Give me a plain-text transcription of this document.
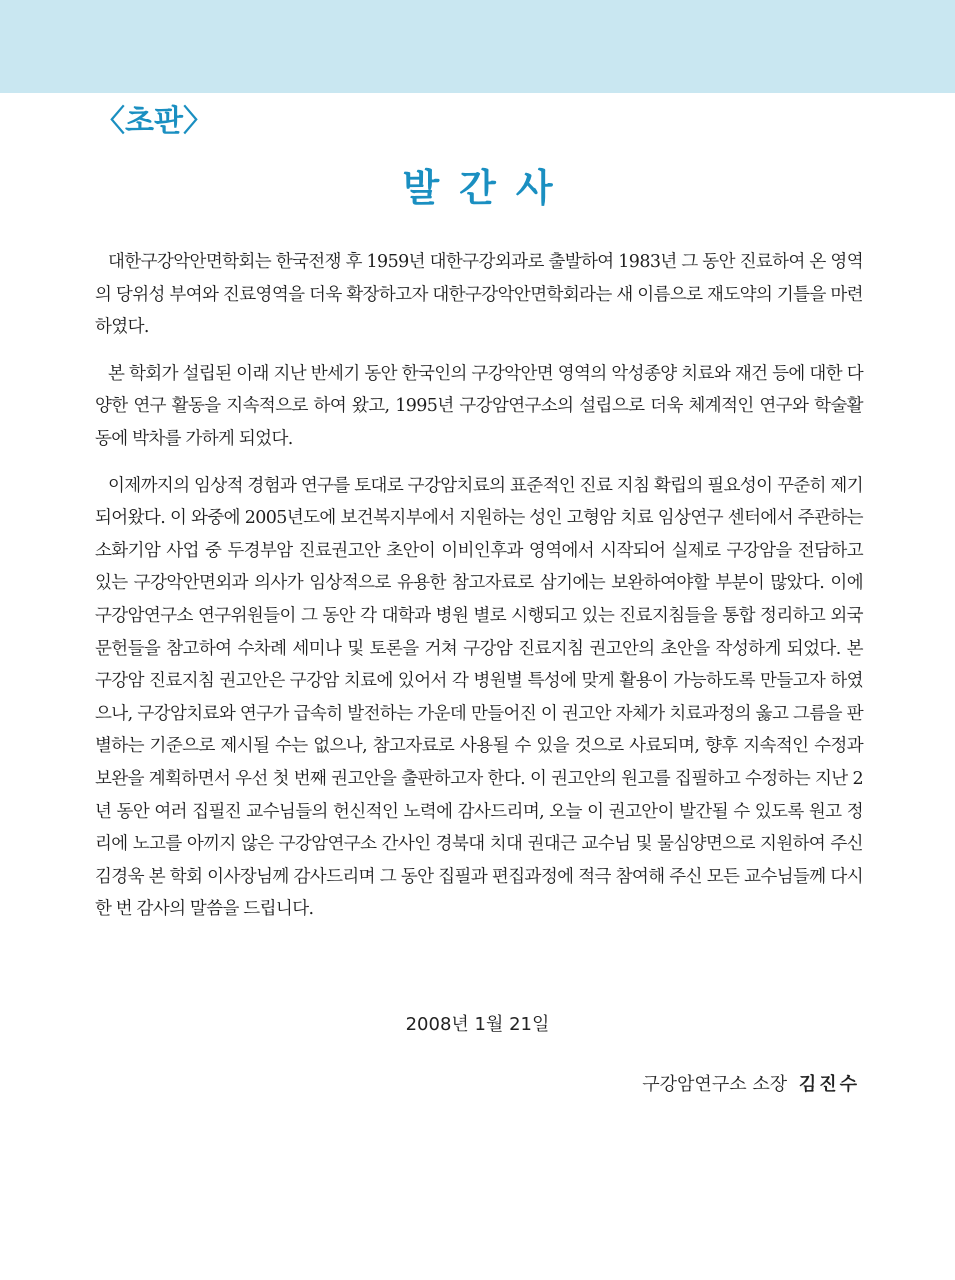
〈초판〉
발간사

대한구강악안면학회는 한국전쟁 후 1959년 대한구강외과로 출발하여 1983년 그 동안 진료하여 온 영역의 당위성 부여와 진료영역을 더욱 확장하고자 대한구강악안면학회라는 새 이름으로 재도약의 기틀을 마련하였다.

본 학회가 설립된 이래 지난 반세기 동안 한국인의 구강악안면 영역의 악성종양 치료와 재건 등에 대한 다양한 연구 활동을 지속적으로 하여 왔고, 1995년 구강암연구소의 설립으로 더욱 체계적인 연구와 학술활동에 박차를 가하게 되었다.

이제까지의 임상적 경험과 연구를 토대로 구강암치료의 표준적인 진료 지침 확립의 필요성이 꾸준히 제기되어왔다. 이 와중에 2005년도에 보건복지부에서 지원하는 성인 고형암 치료 임상연구 센터에서 주관하는 소화기암 사업 중 두경부암 진료권고안 초안이 이비인후과 영역에서 시작되어 실제로 구강암을 전담하고 있는 구강악안면외과 의사가 임상적으로 유용한 참고자료로 삼기에는 보완하여야할 부분이 많았다. 이에 구강암연구소 연구위원들이 그 동안 각 대학과 병원 별로 시행되고 있는 진료지침들을 통합 정리하고 외국 문헌들을 참고하여 수차례 세미나 및 토론을 거쳐 구강암 진료지침 권고안의 초안을 작성하게 되었다. 본 구강암 진료지침 권고안은 구강암 치료에 있어서 각 병원별 특성에 맞게 활용이 가능하도록 만들고자 하였으나, 구강암치료와 연구가 급속히 발전하는 가운데 만들어진 이 권고안 자체가 치료과정의 옳고 그름을 판별하는 기준으로 제시될 수는 없으나, 참고자료로 사용될 수 있을 것으로 사료되며, 향후 지속적인 수정과 보완을 계획하면서 우선 첫 번째 권고안을 출판하고자 한다. 이 권고안의 원고를 집필하고 수정하는 지난 2년 동안 여러 집필진 교수님들의 헌신적인 노력에 감사드리며, 오늘 이 권고안이 발간될 수 있도록 원고 정리에 노고를 아끼지 않은 구강암연구소 간사인 경북대 치대 권대근 교수님 및 물심양면으로 지원하여 주신 김경욱 본 학회 이사장님께 감사드리며 그 동안 집필과 편집과정에 적극 참여해 주신 모든 교수님들께 다시 한 번 감사의 말씀을 드립니다.

2008년 1월 21일
구강암연구소 소장 김진수
